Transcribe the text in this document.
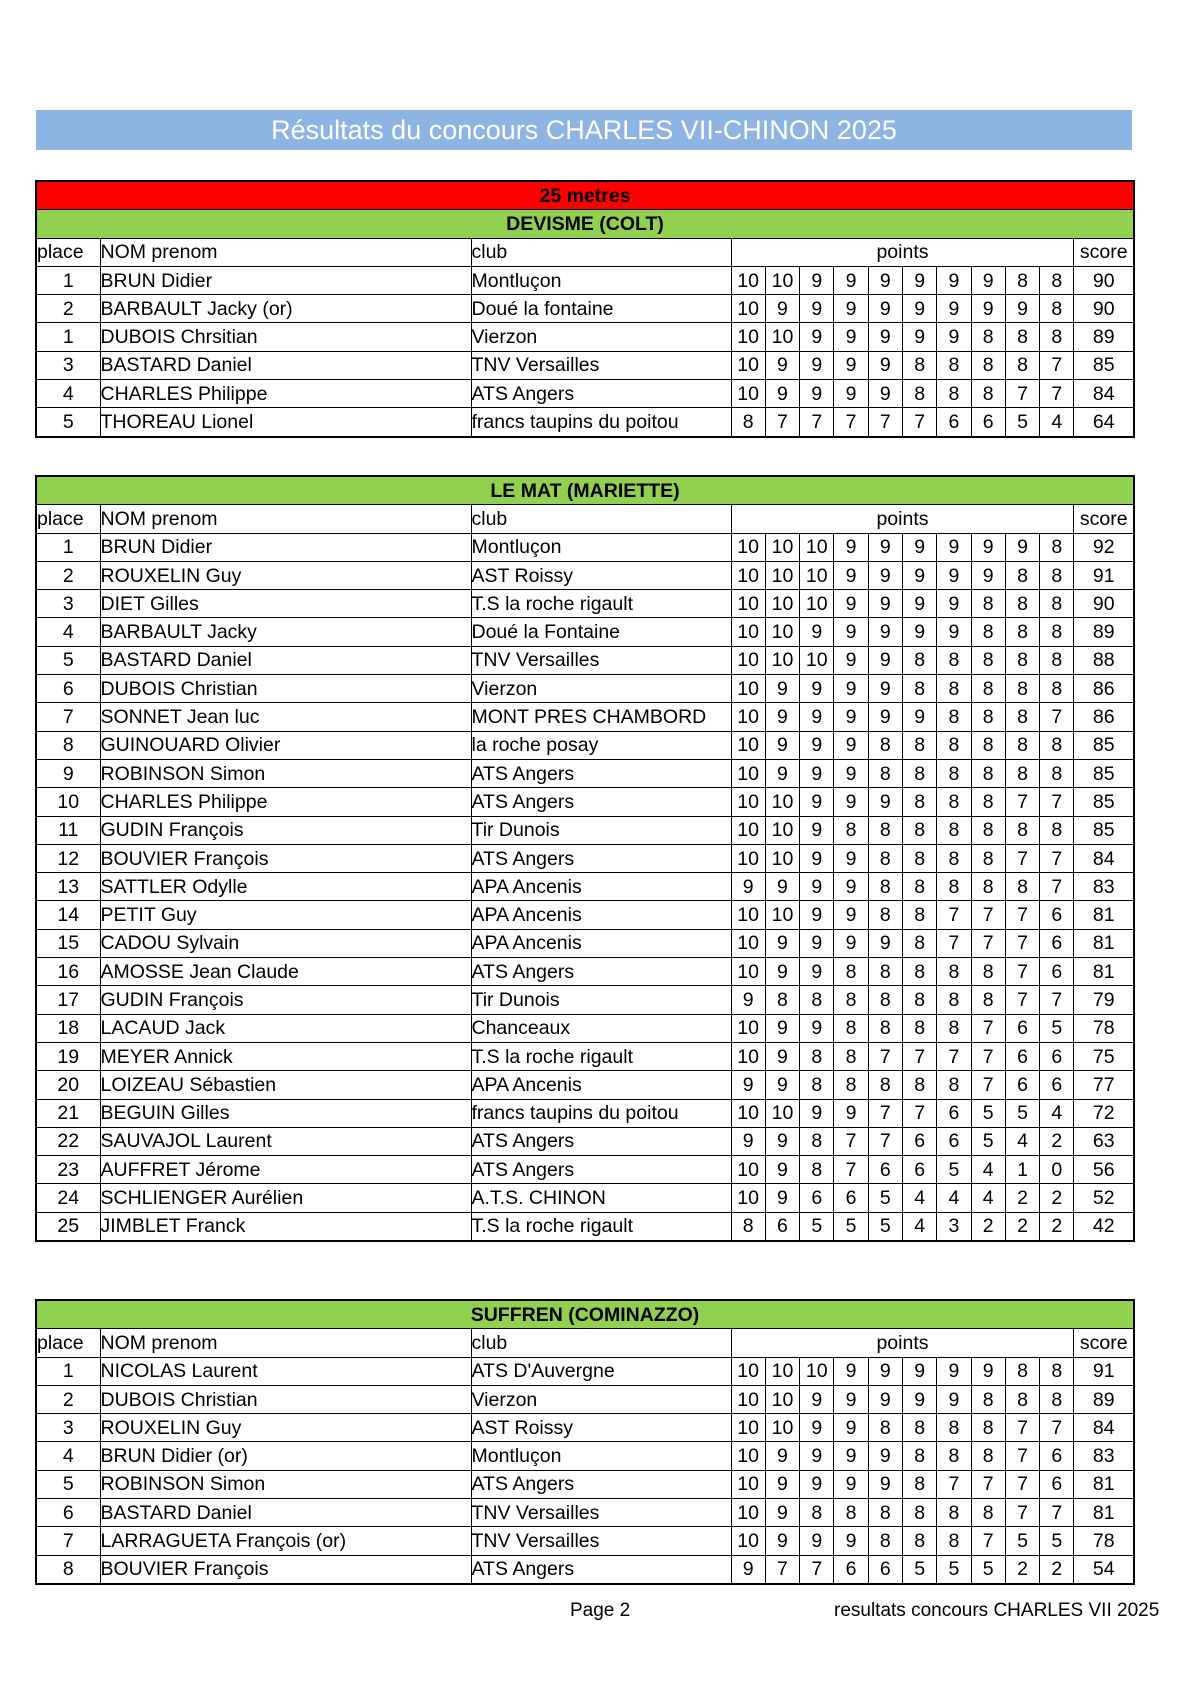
Résultats du concours CHARLES VII-CHINON 2025
25 metres													
DEVISME (COLT)													
place	NOM prenom	club	points										score
1	BRUN Didier	Montluçon	10	10	9	9	9	9	9	9	8	8	90
2	BARBAULT Jacky (or)	Doué la fontaine	10	9	9	9	9	9	9	9	9	8	90
1	DUBOIS Chrsitian	Vierzon	10	10	9	9	9	9	9	8	8	8	89
3	BASTARD Daniel	TNV Versailles	10	9	9	9	9	8	8	8	8	7	85
4	CHARLES Philippe	ATS Angers	10	9	9	9	9	8	8	8	7	7	84
5	THOREAU Lionel	francs taupins du poitou	8	7	7	7	7	7	6	6	5	4	64
LE MAT (MARIETTE)													
place	NOM prenom	club	points										score
1	BRUN Didier	Montluçon	10	10	10	9	9	9	9	9	9	8	92
2	ROUXELIN Guy	AST Roissy	10	10	10	9	9	9	9	9	8	8	91
3	DIET Gilles	T.S la roche rigault	10	10	10	9	9	9	9	8	8	8	90
4	BARBAULT Jacky	Doué la Fontaine	10	10	9	9	9	9	9	8	8	8	89
5	BASTARD Daniel	TNV Versailles	10	10	10	9	9	8	8	8	8	8	88
6	DUBOIS Christian	Vierzon	10	9	9	9	9	8	8	8	8	8	86
7	SONNET Jean luc	MONT PRES CHAMBORD	10	9	9	9	9	9	8	8	8	7	86
8	GUINOUARD Olivier	la roche posay	10	9	9	9	8	8	8	8	8	8	85
9	ROBINSON Simon	ATS Angers	10	9	9	9	8	8	8	8	8	8	85
10	CHARLES Philippe	ATS Angers	10	10	9	9	9	8	8	8	7	7	85
11	GUDIN François	Tir Dunois	10	10	9	8	8	8	8	8	8	8	85
12	BOUVIER François	ATS Angers	10	10	9	9	8	8	8	8	7	7	84
13	SATTLER Odylle	APA Ancenis	9	9	9	9	8	8	8	8	8	7	83
14	PETIT Guy	APA Ancenis	10	10	9	9	8	8	7	7	7	6	81
15	CADOU Sylvain	APA Ancenis	10	9	9	9	9	8	7	7	7	6	81
16	AMOSSE Jean Claude	ATS Angers	10	9	9	8	8	8	8	8	7	6	81
17	GUDIN François	Tir Dunois	9	8	8	8	8	8	8	8	7	7	79
18	LACAUD Jack	Chanceaux	10	9	9	8	8	8	8	7	6	5	78
19	MEYER Annick	T.S la roche rigault	10	9	8	8	7	7	7	7	6	6	75
20	LOIZEAU Sébastien	APA Ancenis	9	9	8	8	8	8	8	7	6	6	77
21	BEGUIN Gilles	francs taupins du poitou	10	10	9	9	7	7	6	5	5	4	72
22	SAUVAJOL Laurent	ATS Angers	9	9	8	7	7	6	6	5	4	2	63
23	AUFFRET Jérome	ATS Angers	10	9	8	7	6	6	5	4	1	0	56
24	SCHLIENGER Aurélien	A.T.S. CHINON	10	9	6	6	5	4	4	4	2	2	52
25	JIMBLET Franck	T.S la roche rigault	8	6	5	5	5	4	3	2	2	2	42
SUFFREN (COMINAZZO)													
place	NOM prenom	club	points										score
1	NICOLAS Laurent	ATS D'Auvergne	10	10	10	9	9	9	9	9	8	8	91
2	DUBOIS Christian	Vierzon	10	10	9	9	9	9	9	8	8	8	89
3	ROUXELIN Guy	AST Roissy	10	10	9	9	8	8	8	8	7	7	84
4	BRUN Didier (or)	Montluçon	10	9	9	9	9	8	8	8	7	6	83
5	ROBINSON Simon	ATS Angers	10	9	9	9	9	8	7	7	7	6	81
6	BASTARD Daniel	TNV Versailles	10	9	8	8	8	8	8	8	7	7	81
7	LARRAGUETA François (or)	TNV Versailles	10	9	9	9	8	8	8	7	5	5	78
8	BOUVIER François	ATS Angers	9	7	7	6	6	5	5	5	2	2	54
Page 2	resultats concours CHARLES VII 2025
